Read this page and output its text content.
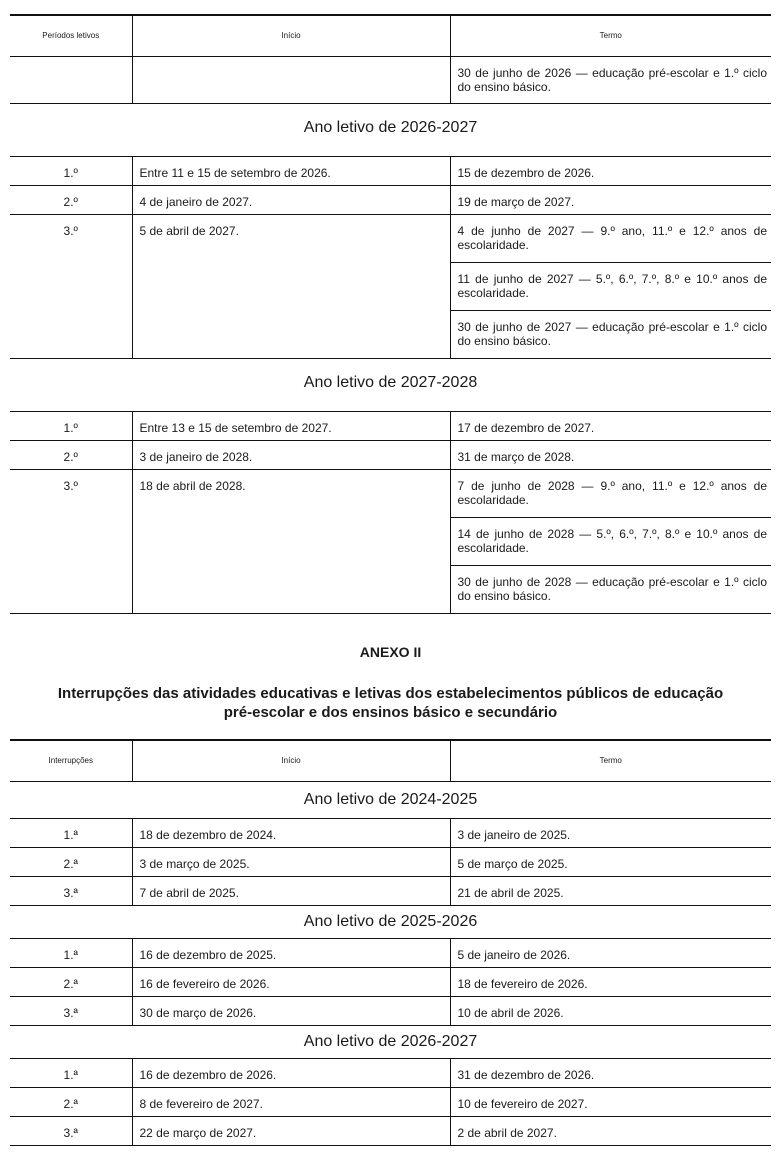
Períodos letivos	Início	Termo
		30 de junho de 2026 — educação pré-escolar e 1.º ciclo do ensino básico.

Ano letivo de 2026-2027		

1.º	Entre 11 e 15 de setembro de 2026.	15 de dezembro de 2026.
2.º	4 de janeiro de 2027.	19 de março de 2027.
3.º	5 de abril de 2027.	4 de junho de 2027 — 9.º ano, 11.º e 12.º anos de escolaridade.
		11 de junho de 2027 — 5.º, 6.º, 7.º, 8.º e 10.º anos de escolaridade.
		30 de junho de 2027 — educação pré-escolar e 1.º ciclo do ensino básico.

Ano letivo de 2027-2028		

1.º	Entre 13 e 15 de setembro de 2027.	17 de dezembro de 2027.
2.º	3 de janeiro de 2028.	31 de março de 2028.
3.º	18 de abril de 2028.	7 de junho de 2028 — 9.º ano, 11.º e 12.º anos de escolaridade.
		14 de junho de 2028 — 5.º, 6.º, 7.º, 8.º e 10.º anos de escolaridade.
		30 de junho de 2028 — educação pré-escolar e 1.º ciclo do ensino básico.
ANEXO II
Interrupções das atividades educativas e letivas dos estabelecimentos públicos de educação
pré-escolar e dos ensinos básico e secundário
Interrupções	Início	Termo

Ano letivo de 2024-2025		

1.ª	18 de dezembro de 2024.	3 de janeiro de 2025.
2.ª	3 de março de 2025.	5 de março de 2025.
3.ª	7 de abril de 2025.	21 de abril de 2025.

Ano letivo de 2025-2026		

1.ª	16 de dezembro de 2025.	5 de janeiro de 2026.
2.ª	16 de fevereiro de 2026.	18 de fevereiro de 2026.
3.ª	30 de março de 2026.	10 de abril de 2026.

Ano letivo de 2026-2027		

1.ª	16 de dezembro de 2026.	31 de dezembro de 2026.
2.ª	8 de fevereiro de 2027.	10 de fevereiro de 2027.
3.ª	22 de março de 2027.	2 de abril de 2027.
